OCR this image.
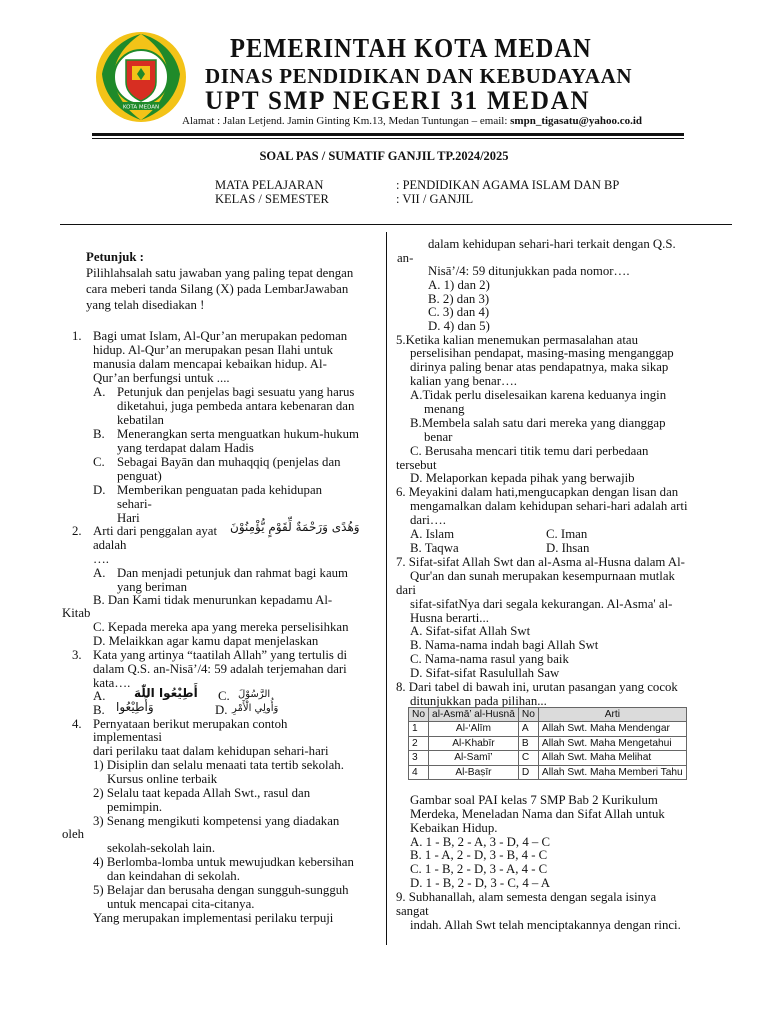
KOTA MEDAN
PEMERINTAH KOTA MEDAN
DINAS PENDIDIKAN DAN KEBUDAYAAN
UPT SMP NEGERI 31 MEDAN
Alamat : Jalan Letjend. Jamin Ginting Km.13, Medan Tuntungan – email: smpn_tigasatu@yahoo.co.id
SOAL PAS / SUMATIF GANJIL TP.2024/2025
MATA PELAJARAN	: PENDIDIKAN AGAMA ISLAM DAN BP
KELAS / SEMESTER	: VII / GANJIL
Petunjuk :
Pilihlahsalah satu jawaban yang paling tepat dengan
cara meberi tanda Silang (X) pada LembarJawaban
yang telah disediakan !
1. Bagi umat Islam, Al-Qur’an merupakan pedoman
hidup. Al-Qur’an merupakan pesan Ilahi untuk
manusia dalam mencapai kebaikan hidup. Al-
Qur’an berfungsi untuk ....
A. Petunjuk dan penjelas bagi sesuatu yang harus
diketahui, juga pembeda antara kebenaran dan
kebatilan
B. Menerangkan serta menguatkan hukum-hukum
yang terdapat dalam Hadis
C. Sebagai Bayān dan muhaqqiq (penjelas dan
penguat)
D. Memberikan penguatan pada kehidupan
sehari-
Hari
2. Arti dari penggalan ayat وَهُدًى وَرَحْمَةٌ لِّقَوْمٍ يُّؤْمِنُوْنَ
adalah
….
A. Dan menjadi petunjuk dan rahmat bagi kaum
yang beriman
B. Dan Kami tidak menurunkan kepadamu Al-
Kitab
C. Kepada mereka apa yang mereka perselisihkan
D. Melaikkan agar kamu dapat menjelaskan
3. Kata yang artinya “taatilah Allah” yang tertulis di
dalam Q.S. an-Nisā’/4: 59 adalah terjemahan dari
kata….
A. أَطِيْعُوا اللّٰهَ C. الرَّسُوْلَ
B. وَأَطِيْعُوا	D. وَأُولِي الْأَمْرِ
4. Pernyataan berikut merupakan contoh
implementasi
dari perilaku taat dalam kehidupan sehari-hari
1) Disiplin dan selalu menaati tata tertib sekolah.
Kursus online terbaik
2) Selalu taat kepada Allah Swt., rasul dan
pemimpin.
3) Senang mengikuti kompetensi yang diadakan
oleh
sekolah-sekolah lain.
4) Berlomba-lomba untuk mewujudkan kebersihan
dan keindahan di sekolah.
5) Belajar dan berusaha dengan sungguh-sungguh
untuk mencapai cita-citanya.
Yang merupakan implementasi perilaku terpuji
dalam kehidupan sehari-hari terkait dengan Q.S.
an-
Nisā’/4: 59 ditunjukkan pada nomor….
A. 1) dan 2)
B. 2) dan 3)
C. 3) dan 4)
D. 4) dan 5)
5.Ketika kalian menemukan permasalahan atau
perselisihan pendapat, masing-masing menganggap
dirinya paling benar atas pendapatnya, maka sikap
kalian yang benar….
A.Tidak perlu diselesaikan karena keduanya ingin
menang
B.Membela salah satu dari mereka yang dianggap
benar
C. Berusaha mencari titik temu dari perbedaan
tersebut
D. Melaporkan kepada pihak yang berwajib
6. Meyakini dalam hati,mengucapkan dengan lisan dan
mengamalkan dalam kehidupan sehari-hari adalah arti
dari….
A. Islam	C. Iman
B. Taqwa	D. Ihsan
7. Sifat-sifat Allah Swt dan al-Asma al-Husna dalam Al-
Qur'an dan sunah merupakan kesempurnaan mutlak
dari
sifat-sifatNya dari segala kekurangan. Al-Asma' al-
Husna berarti...
A. Sifat-sifat Allah Swt
B. Nama-nama indah bagi Allah Swt
C. Nama-nama rasul yang baik
D. Sifat-sifat Rasulullah Saw
8. Dari tabel di bawah ini, urutan pasangan yang cocok
ditunjukkan pada pilihan...
No	al-Asmā’ al-Husnā	No	Arti
1	Al-‘Alīm	A	Allah Swt. Maha Mendengar
2	Al-Khabīr	B	Allah Swt. Maha Mengetahui
3	Al-Samī’	C	Allah Swt. Maha Melihat
4	Al-Baṣīr	D	Allah Swt. Maha Memberi Tahu
Gambar soal PAI kelas 7 SMP Bab 2 Kurikulum
Merdeka, Meneladan Nama dan Sifat Allah untuk
Kebaikan Hidup.
A. 1 - B, 2 - A, 3 - D, 4 – C
B. 1 - A, 2 - D, 3 - B, 4 - C
C. 1 - B, 2 - D, 3 - A, 4 - C
D. 1 - B, 2 - D, 3 - C, 4 – A
9. Subhanallah, alam semesta dengan segala isinya
sangat
indah. Allah Swt telah menciptakannya dengan rinci.
